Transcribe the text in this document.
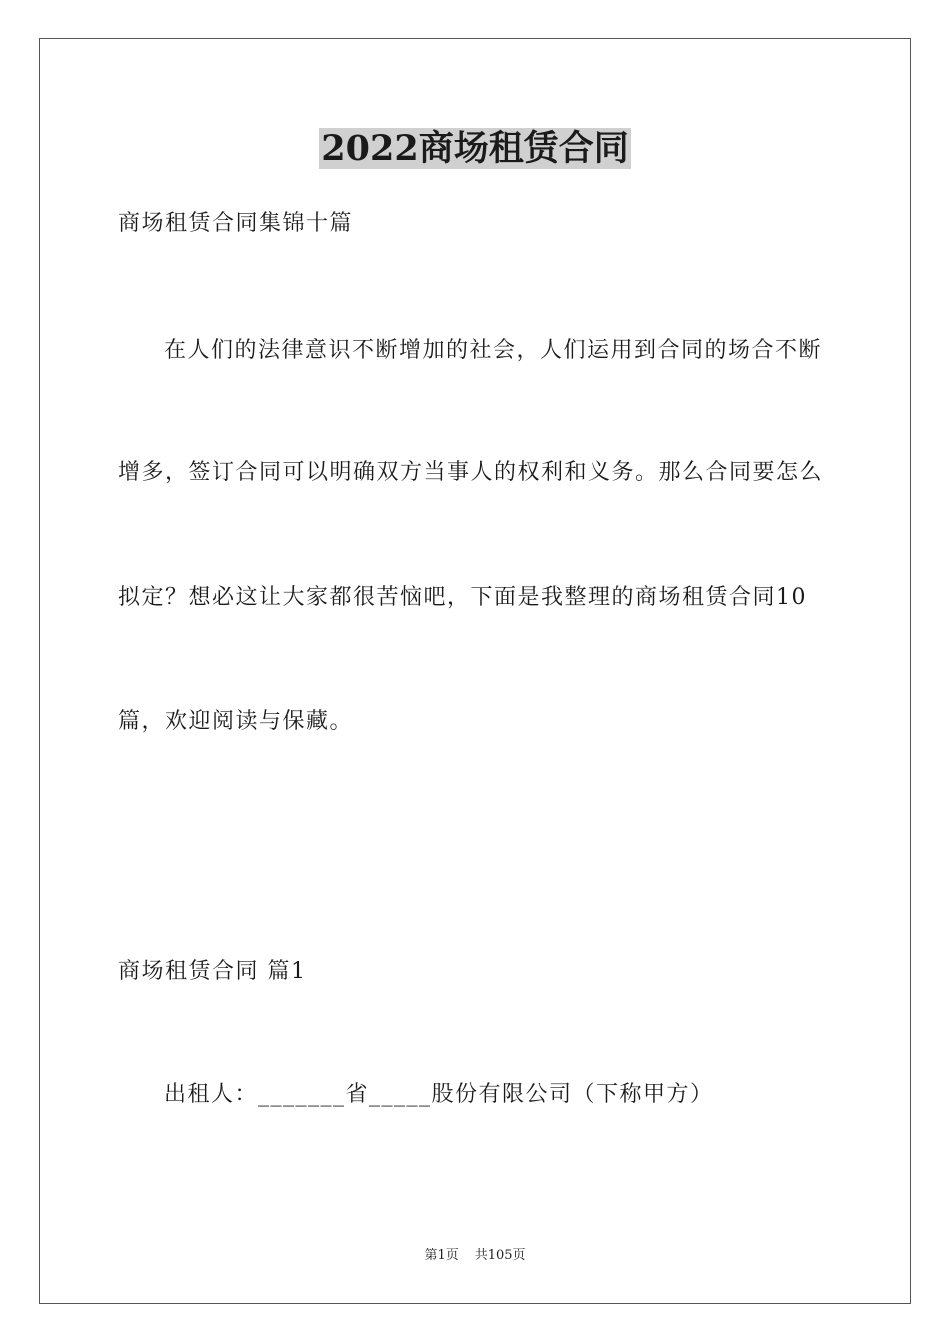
2022商场租赁合同
商场租赁合同集锦十篇
在人们的法律意识不断增加的社会，人们运用到合同的场合不断
增多，签订合同可以明确双方当事人的权利和义务。那么合同要怎么
拟定？想必这让大家都很苦恼吧，下面是我整理的商场租赁合同10
篇，欢迎阅读与保藏。
商场租赁合同 篇1
出租人：_______省_____股份有限公司（下称甲方）
第1页 共105页
